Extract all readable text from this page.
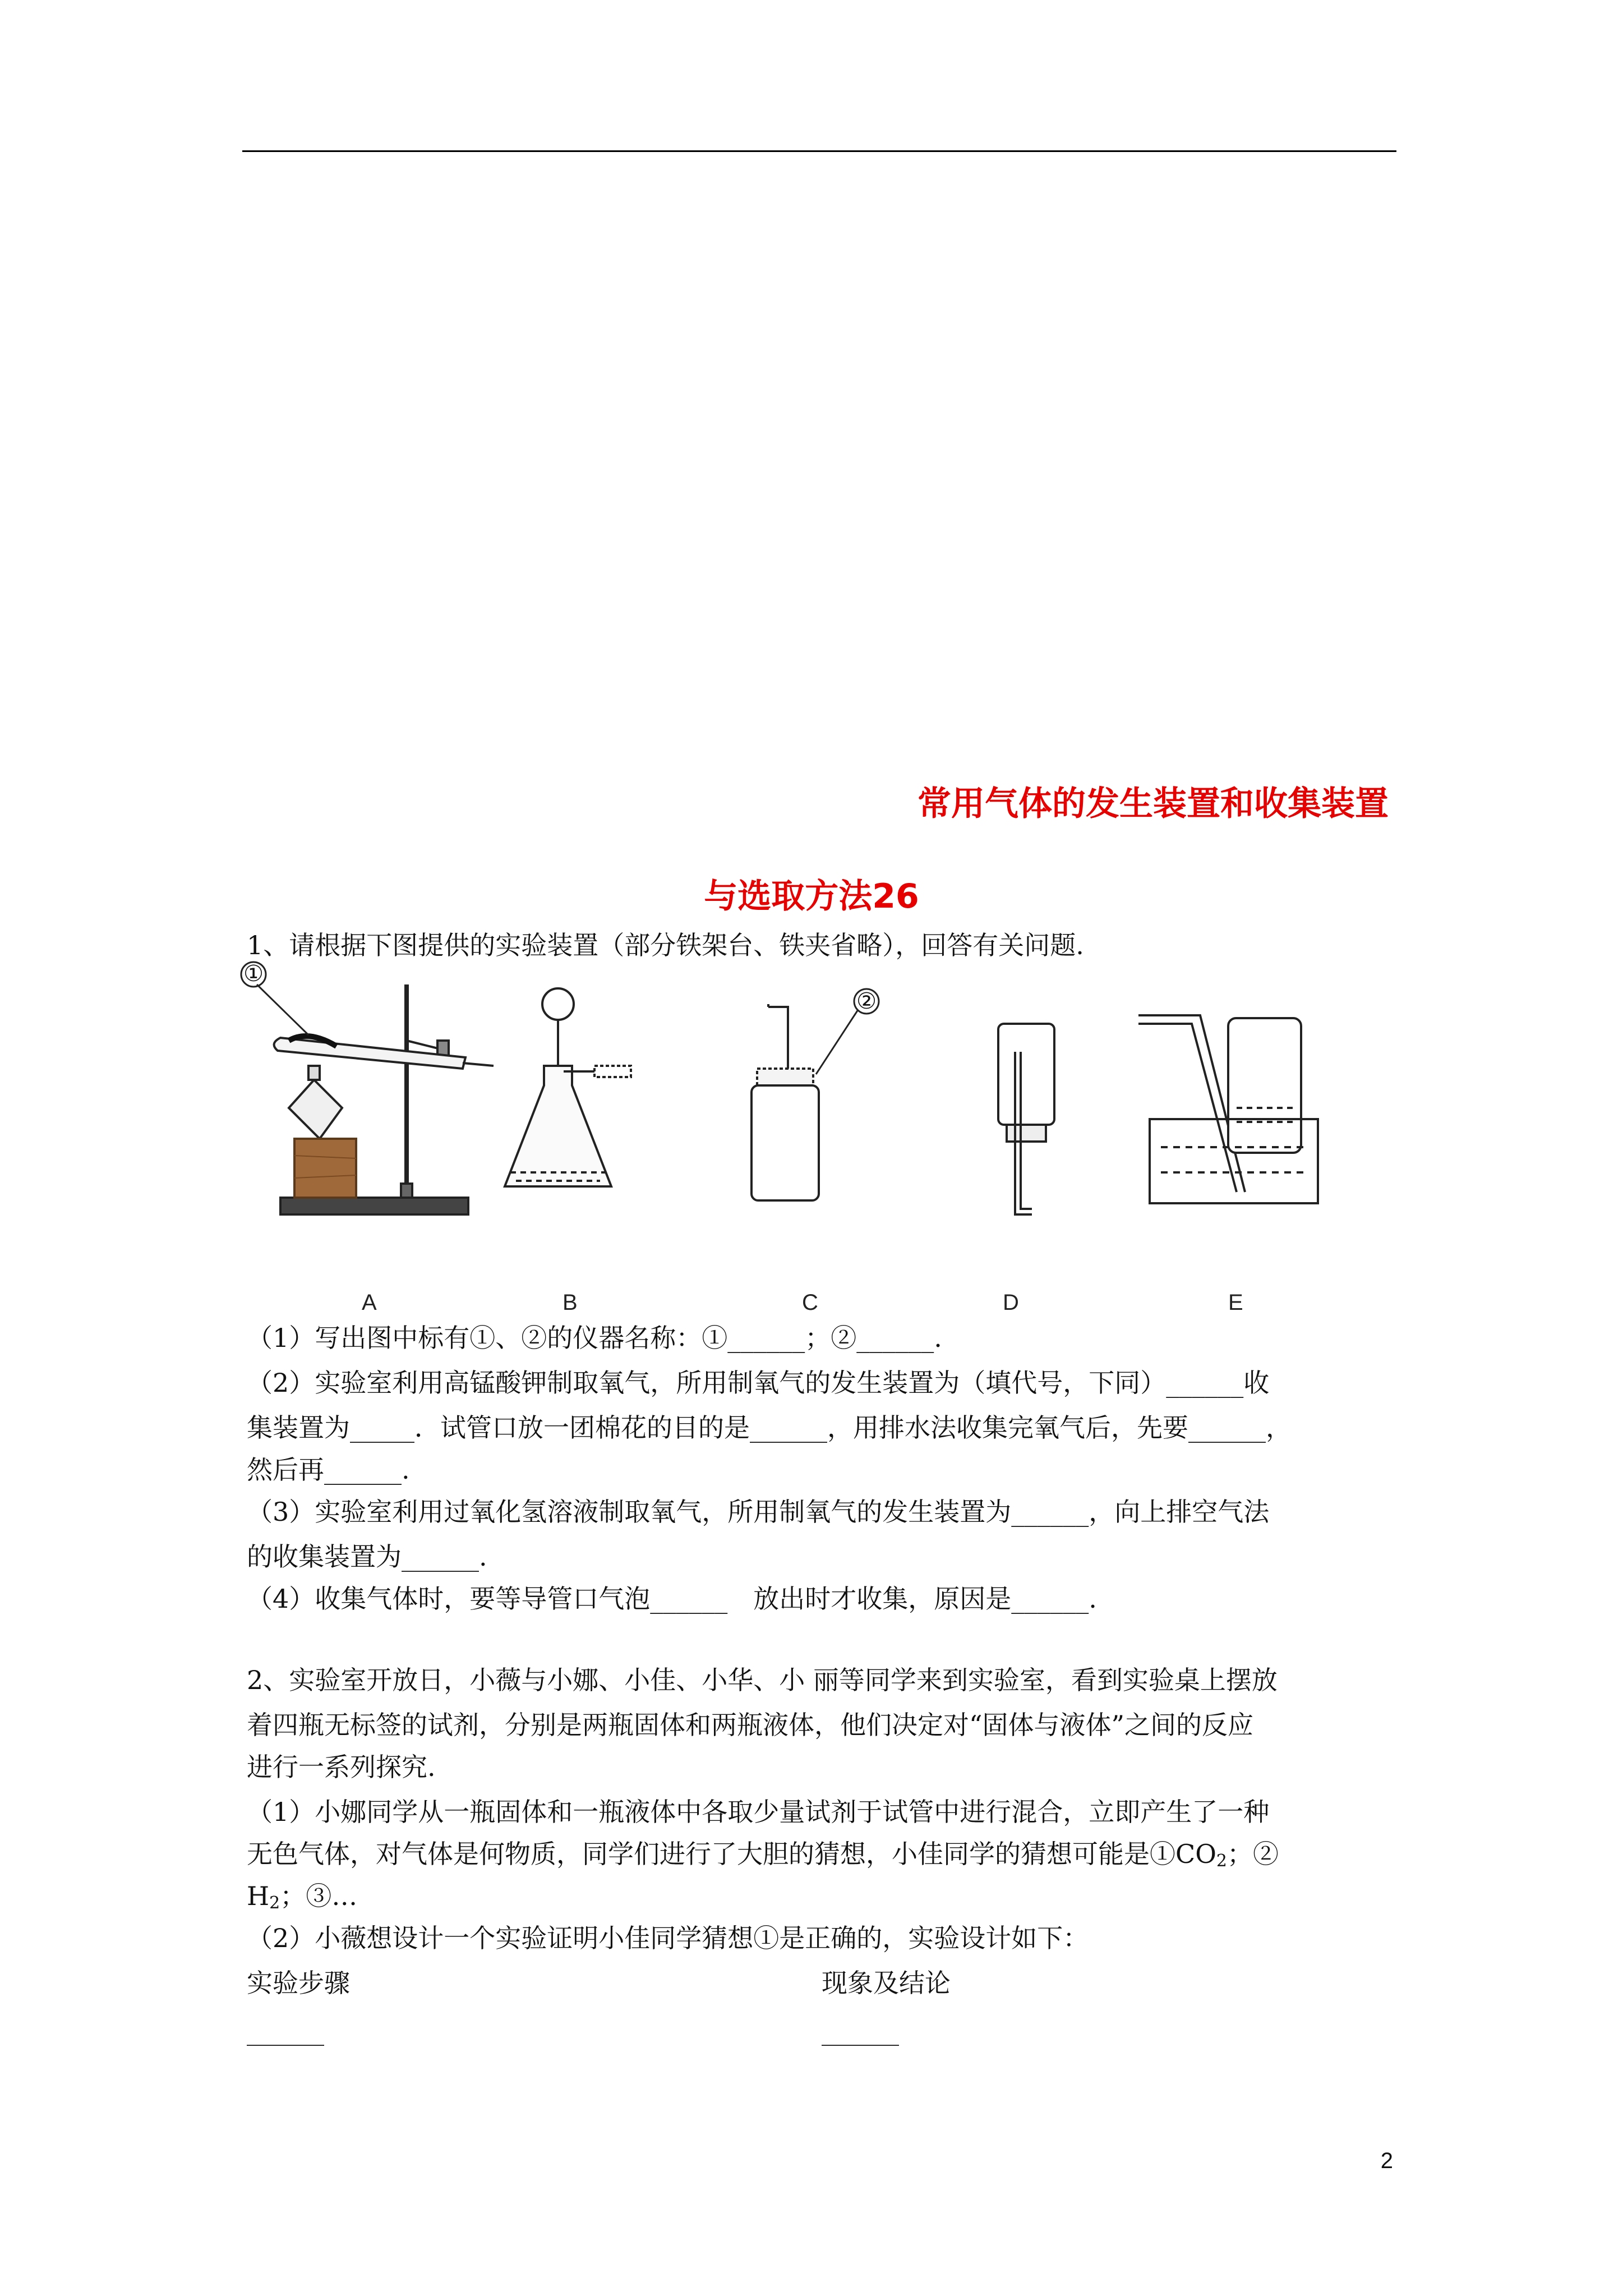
常用气体的发生装置和收集装置
与选取方法26
1、请根据下图提供的实验装置（部分铁架台、铁夹省略），回答有关问题.
①
②
A	B	C	D	E
（1）写出图中标有①、②的仪器名称：①______；②______.
（2）实验室利用高锰酸钾制取氧气，所用制氧气的发生装置为（填代号，下同）______收
集装置为_____．试管口放一团棉花的目的是______，用排水法收集完氧气后，先要______，
然后再______.
（3）实验室利用过氧化氢溶液制取氧气，所用制氧气的发生装置为______，向上排空气法
的收集装置为______.
（4）收集气体时，要等导管口气泡______　放出时才收集，原因是______.
2、实验室开放日，小薇与小娜、小佳、小华、小 丽等同学来到实验室，看到实验桌上摆放
着四瓶无标签的试剂，分别是两瓶固体和两瓶液体，他们决定对“固体与液体”之间的反应
进行一系列探究.
（1）小娜同学从一瓶固体和一瓶液体中各取少量试剂于试管中进行混合，立即产生了一种
无色气体，对气体是何物质，同学们进行了大胆的猜想，小佳同学的猜想可能是$①CO_2$；②
$H_2$；③…
（2）小薇想设计一个实验证明小佳同学猜想①是正确的，实验设计如下：
实验步骤	现象及结论
______	______
2
